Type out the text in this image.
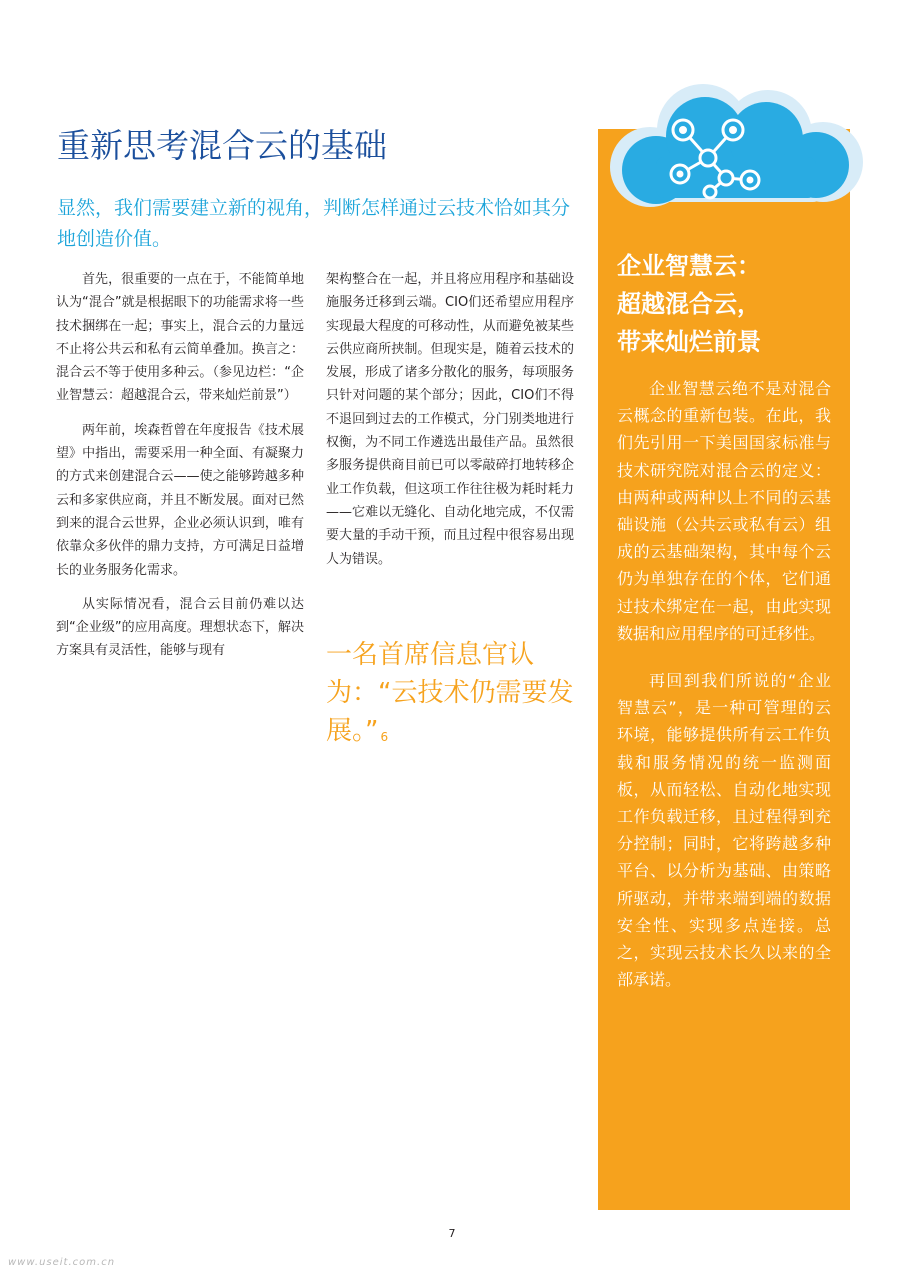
重新思考混合云的基础

显然，我们需要建立新的视角，判断怎样通过云技术恰如其分地创造价值。

首先，很重要的一点在于，不能简单地认为“混合”就是根据眼下的功能需求将一些技术捆绑在一起；事实上，混合云的力量远不止将公共云和私有云简单叠加。换言之：混合云不等于使用多种云。（参见边栏：“企业智慧云：超越混合云，带来灿烂前景”）

两年前，埃森哲曾在年度报告《技术展望》中指出，需要采用一种全面、有凝聚力的方式来创建混合云——使之能够跨越多种云和多家供应商，并且不断发展。面对已然到来的混合云世界，企业必须认识到，唯有依靠众多伙伴的鼎力支持，方可满足日益增长的业务服务化需求。

从实际情况看，混合云目前仍难以达到“企业级”的应用高度。理想状态下，解决方案具有灵活性，能够与现有

架构整合在一起，并且将应用程序和基础设施服务迁移到云端。CIO们还希望应用程序实现最大程度的可移动性，从而避免被某些云供应商所挟制。但现实是，随着云技术的发展，形成了诸多分散化的服务，每项服务只针对问题的某个部分；因此，CIO们不得不退回到过去的工作模式，分门别类地进行权衡，为不同工作遴选出最佳产品。虽然很多服务提供商目前已可以零敲碎打地转移企业工作负载，但这项工作往往极为耗时耗力——它难以无缝化、自动化地完成，不仅需要大量的手动干预，而且过程中很容易出现人为错误。

一名首席信息官认为：“云技术仍需要发展。” $^6$

企业智慧云：
超越混合云，
带来灿烂前景

企业智慧云绝不是对混合云概念的重新包装。在此，我们先引用一下美国国家标准与技术研究院对混合云的定义：由两种或两种以上不同的云基础设施（公共云或私有云）组成的云基础架构，其中每个云仍为单独存在的个体，它们通过技术绑定在一起，由此实现数据和应用程序的可迁移性。

再回到我们所说的“企业智慧云”，是一种可管理的云环境，能够提供所有云工作负载和服务情况的统一监测面板，从而轻松、自动化地实现工作负载迁移，且过程得到充分控制；同时，它将跨越多种平台、以分析为基础、由策略所驱动，并带来端到端的数据安全性、实现多点连接。总之，实现云技术长久以来的全部承诺。

7
www.useit.com.cn
